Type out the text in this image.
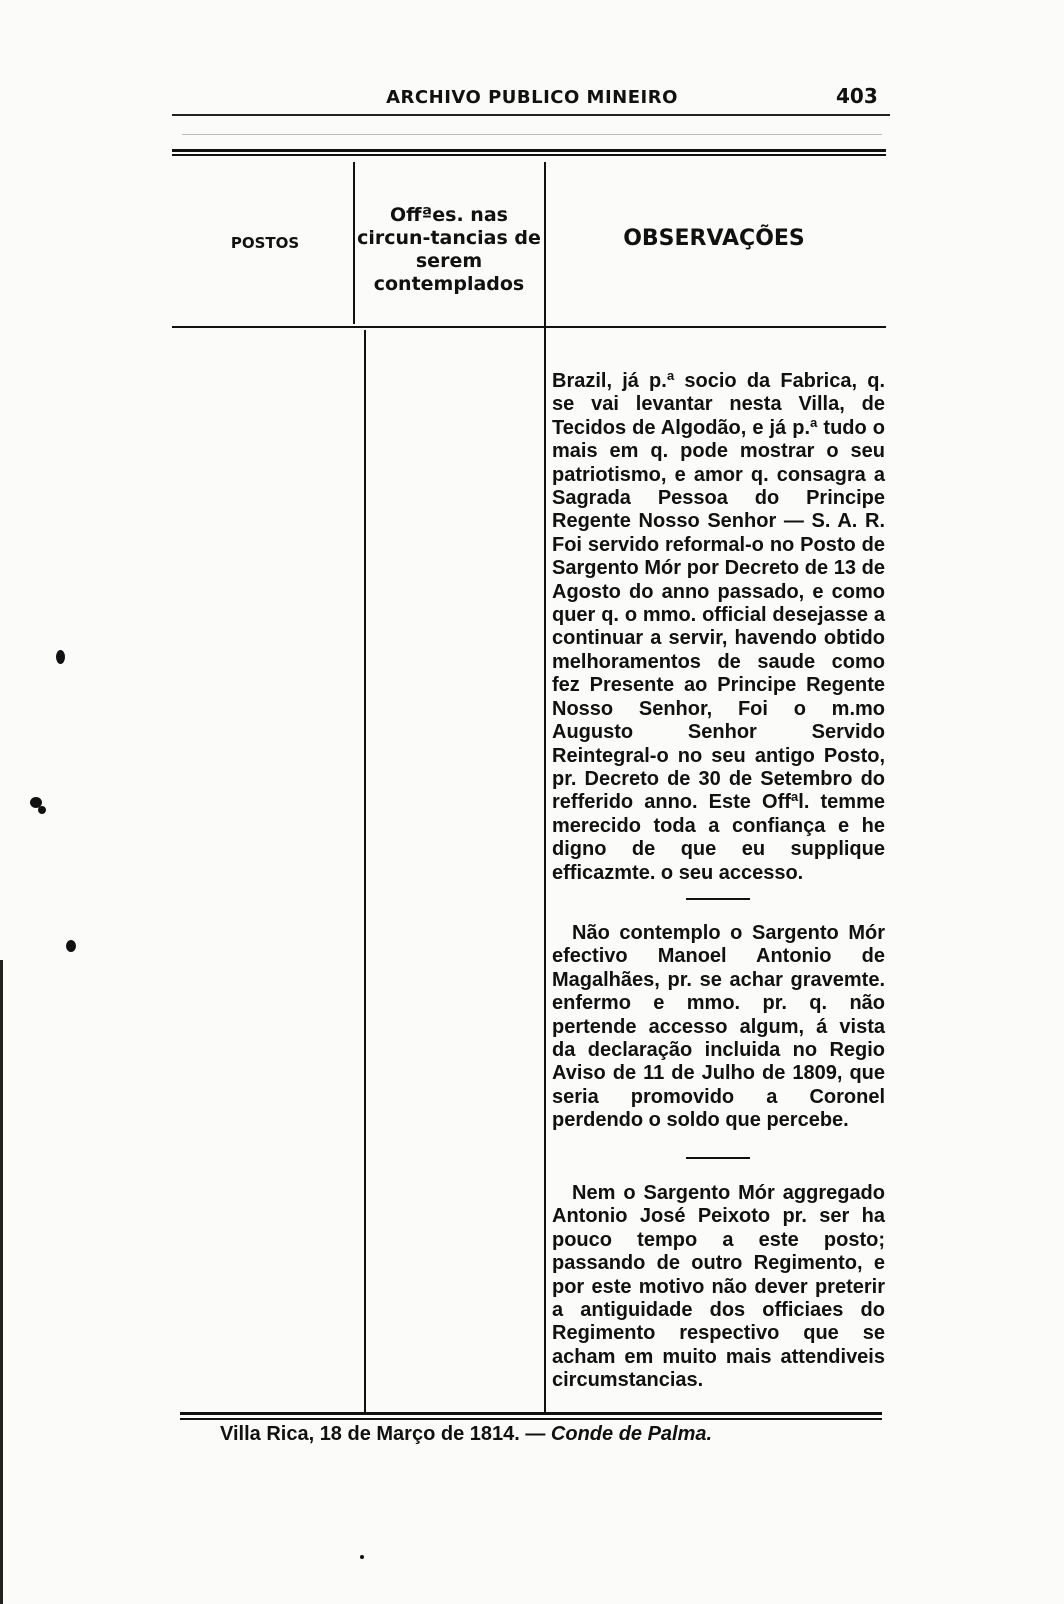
ARCHIVO PUBLICO MINEIRO	403
POSTOS
Offªes. nas circun-tancias de serem contemplados
OBSERVAÇÕES
Brazil, já p.ª socio da Fabrica, q. se vai levantar nesta Villa, de Tecidos de Algodão, e já p.ª tudo o mais em q. pode mostrar o seu patriotismo, e amor q. consagra a Sagrada Pessoa do Principe Regente Nosso Senhor — S. A. R. Foi servido reformal-o no Posto de Sargento Mór por Decreto de 13 de Agosto do anno passado, e como quer q. o mmo. official desejasse a continuar a servir, havendo obtido melhoramentos de saude como fez Presente ao Principe Regente Nosso Senhor, Foi o m.mo Augusto Senhor Servido Reintegral-o no seu antigo Posto, pr. Decreto de 30 de Setembro do refferido anno. Este Offªl. temme merecido toda a confiança e he digno de que eu supplique efficazmte. o seu accesso.
Não contemplo o Sargento Mór efectivo Manoel Antonio de Magalhães, pr. se achar gravemte. enfermo e mmo. pr. q. não pertende accesso algum, á vista da declaração incluida no Regio Aviso de 11 de Julho de 1809, que seria promovido a Coronel perdendo o soldo que percebe.
Nem o Sargento Mór aggregado Antonio José Peixoto pr. ser ha pouco tempo a este posto; passando de outro Regimento, e por este motivo não dever preterir a antiguidade dos officiaes do Regimento respectivo que se acham em muito mais attendiveis circumstancias.
Villa Rica, 18 de Março de 1814. — Conde de Palma.
